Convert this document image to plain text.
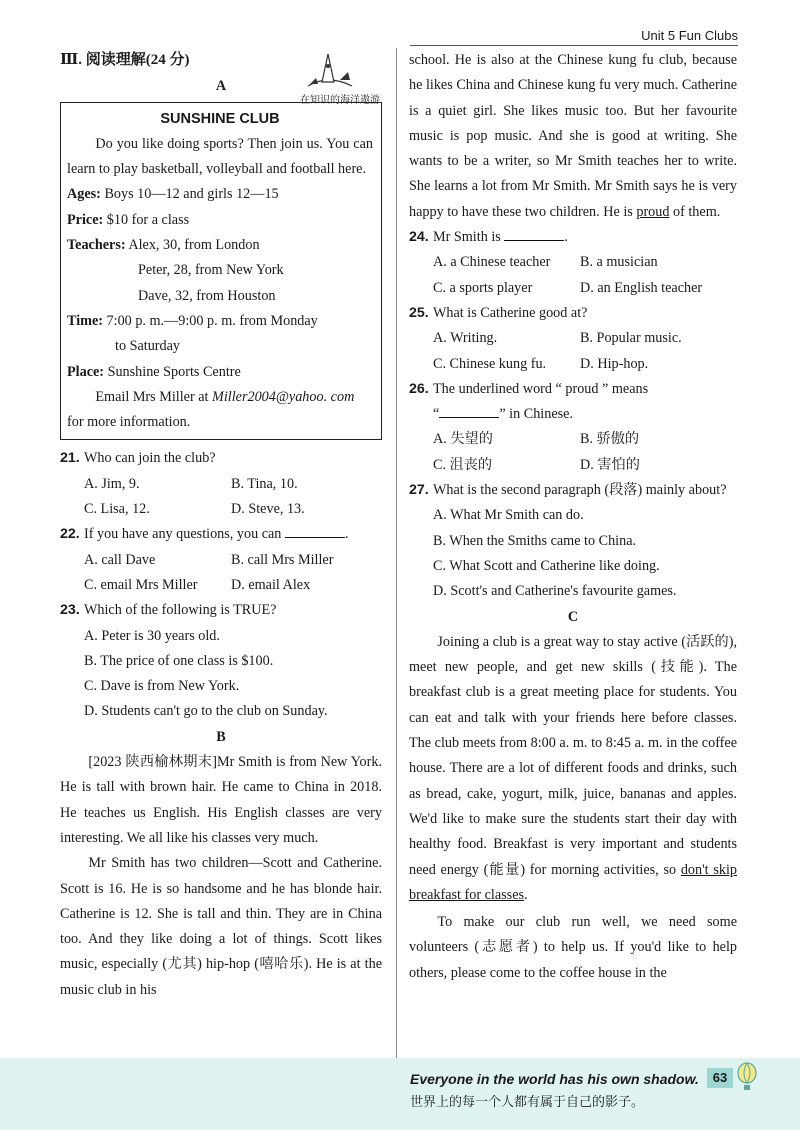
Unit 5 Fun Clubs
在知识的海洋遨游

Ⅲ. 阅读理解(24 分)

A

SUNSHINE CLUB

Do you like doing sports? Then join us. You can learn to play basketball, volleyball and football here.

Ages: Boys 10—12 and girls 12—15

Price: $10 for a class

Teachers: Alex, 30, from London

Peter, 28, from New York

Dave, 32, from Houston

Time: 7:00 p. m.—9:00 p. m. from Monday

to Saturday

Place: Sunshine Sports Centre

Email Mrs Miller at Miller2004@yahoo. com

for more information.

21. Who can join the club?

A. Jim, 9.	B. Tina, 10.
C. Lisa, 12.	D. Steve, 13.

22. If you have any questions, you can	.

A. call Dave	B. call Mrs Miller
C. email Mrs Miller	D. email Alex

23. Which of the following is TRUE?

A. Peter is 30 years old.

B. The price of one class is $100.

C. Dave is from New York.

D. Students can't go to the club on Sunday.

B

[2023 陕西榆林期末]Mr Smith is from New York. He is tall with brown hair. He came to China in 2018. He teaches us English. His English classes are very interesting. We all like his classes very much.

Mr Smith has two children—Scott and Catherine. Scott is 16. He is so handsome and he has blonde hair. Catherine is 12. She is tall and thin. They are in China too. And they like doing a lot of things. Scott likes music, especially (尤其) hip-hop (嘻哈乐). He is at the music club in his

school. He is also at the Chinese kung fu club, because he likes China and Chinese kung fu very much. Catherine is a quiet girl. She likes music too. But her favourite music is pop music. And she is good at writing. She wants to be a writer, so Mr Smith teaches her to write. She learns a lot from Mr Smith. Mr Smith says he is very happy to have these two children. He is proud of them.

24. Mr Smith is	.

A. a Chinese teacher	B. a musician
C. a sports player	D. an English teacher

25. What is Catherine good at?

A. Writing.	B. Popular music.
C. Chinese kung fu.	D. Hip-hop.

26. The underlined word “ proud ” means

“	” in Chinese.

A. 失望的	B. 骄傲的
C. 沮丧的	D. 害怕的

27. What is the second paragraph (段落) mainly about?

A. What Mr Smith can do.

B. When the Smiths came to China.

C. What Scott and Catherine like doing.

D. Scott's and Catherine's favourite games.

C

Joining a club is a great way to stay active (活跃的), meet new people, and get new skills (技能). The breakfast club is a great meeting place for students. You can eat and talk with your friends here before classes. The club meets from 8:00 a. m. to 8:45 a. m. in the coffee house. There are a lot of different foods and drinks, such as bread, cake, yogurt, milk, juice, bananas and apples. We'd like to make sure the students start their day with healthy food. Breakfast is very important and students need energy (能量) for morning activities, so don't skip breakfast for classes.

To make our club run well, we need some volunteers (志愿者) to help us. If you'd like to help others, please come to the coffee house in the

Everyone in the world has his own shadow.
世界上的每一个人都有属于自己的影子。
63
